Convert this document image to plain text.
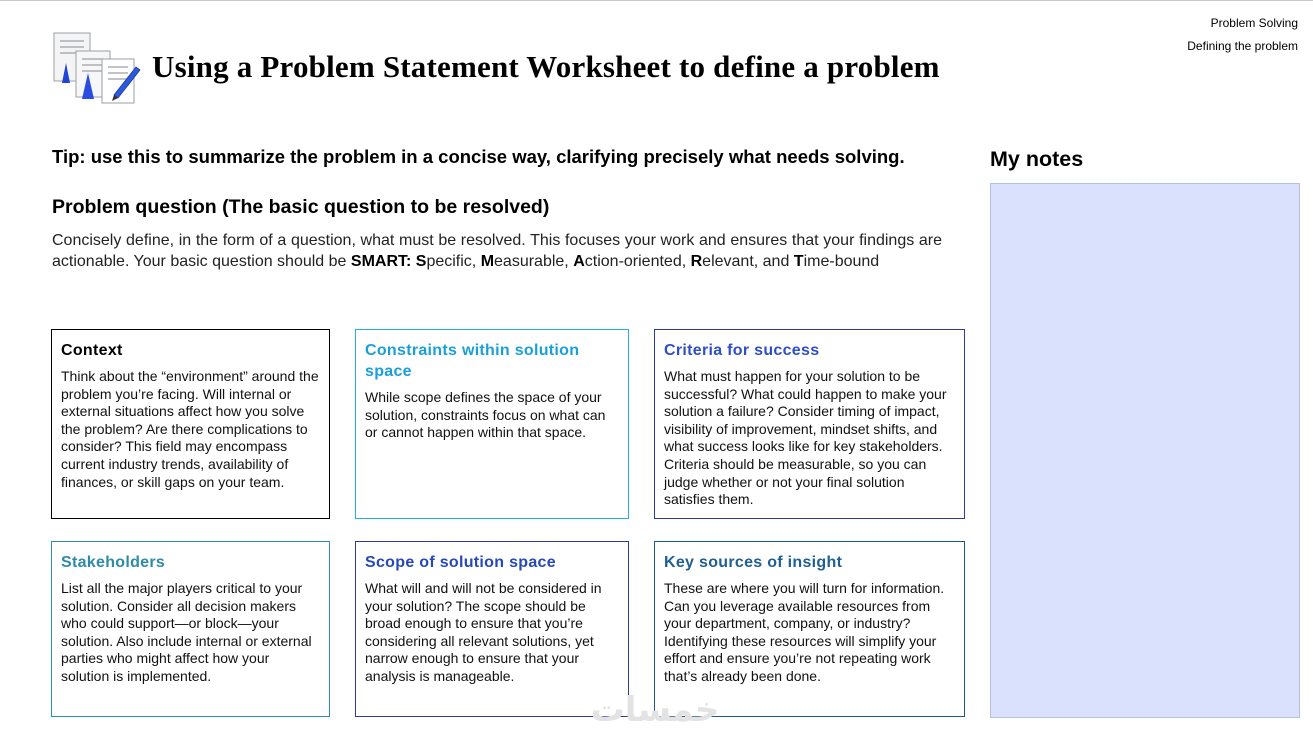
Problem Solving
Defining the problem
Using a Problem Statement Worksheet to define a problem
Tip: use this to summarize the problem in a concise way, clarifying precisely what needs solving.
Problem question (The basic question to be resolved)
Concisely define, in the form of a question, what must be resolved. This focuses your work and ensures that your findings are actionable. Your basic question should be SMART: Specific, Measurable, Action-oriented, Relevant, and Time-bound
Context
Think about the “environment” around the problem you’re facing. Will internal or external situations affect how you solve the problem? Are there complications to consider? This field may encompass current industry trends, availability of finances, or skill gaps on your team.
Constraints within solution space
While scope defines the space of your solution, constraints focus on what can or cannot happen within that space.
Criteria for success
What must happen for your solution to be successful? What could happen to make your solution a failure? Consider timing of impact, visibility of improvement, mindset shifts, and what success looks like for key stakeholders. Criteria should be measurable, so you can judge whether or not your final solution satisfies them.
Stakeholders
List all the major players critical to your solution. Consider all decision makers who could support—or block—your solution. Also include internal or external parties who might affect how your solution is implemented.
Scope of solution space
What will and will not be considered in your solution? The scope should be broad enough to ensure that you’re considering all relevant solutions, yet narrow enough to ensure that your analysis is manageable.
Key sources of insight
These are where you will turn for information. Can you leverage available resources from your department, company, or industry? Identifying these resources will simplify your effort and ensure you’re not repeating work that’s already been done.
My notes
خمسات
